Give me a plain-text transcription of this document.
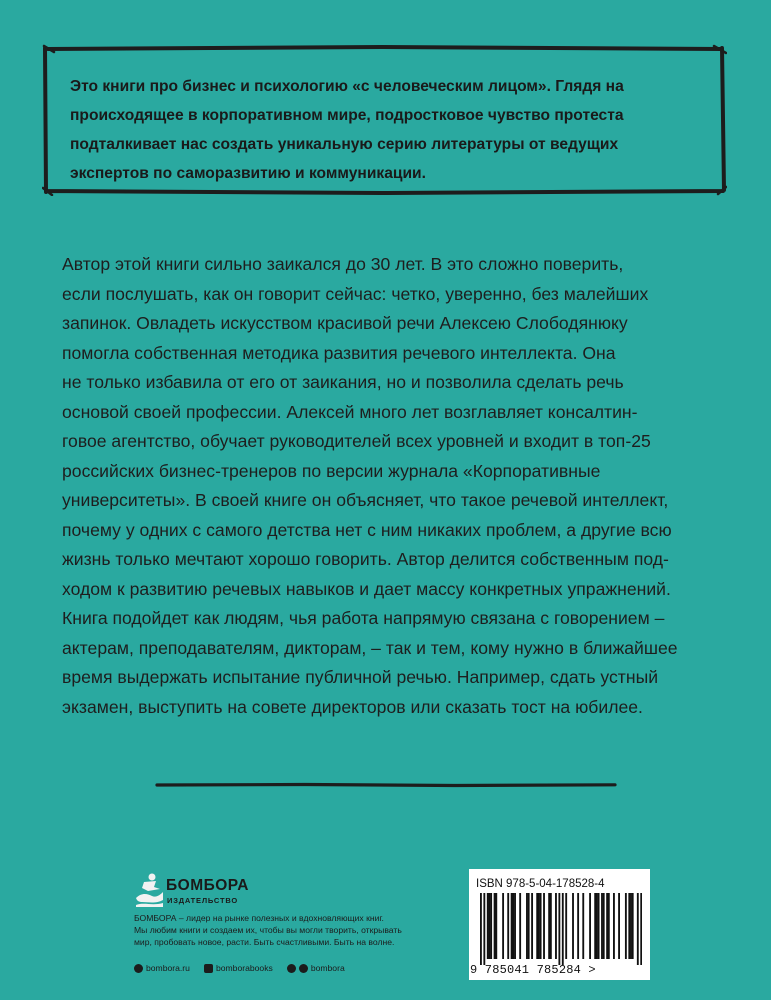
Это книги про бизнес и психологию «с человеческим лицом». Глядя на
происходящее в корпоративном мире, подростковое чувство протеста
подталкивает нас создать уникальную серию литературы от ведущих
экспертов по саморазвитию и коммуникации.

Автор этой книги сильно заикался до 30 лет. В это сложно поверить,

если послушать, как он говорит сейчас: четко, уверенно, без малейших

запинок. Овладеть искусством красивой речи Алексею Слободянюку

помогла собственная методика развития речевого интеллекта. Она

не только избавила от его от заикания, но и позволила сделать речь

основой своей профессии. Алексей много лет возглавляет консалтин-

говое агентство, обучает руководителей всех уровней и входит в топ-25

российских бизнес-тренеров по версии журнала «Корпоративные

университеты». В своей книге он объясняет, что такое речевой интеллект,

почему у одних с самого детства нет с ним никаких проблем, а другие всю

жизнь только мечтают хорошо говорить. Автор делится собственным под-

ходом к развитию речевых навыков и дает массу конкретных упражнений.

Книга подойдет как людям, чья работа напрямую связана с говорением –

актерам, преподавателям, дикторам, – так и тем, кому нужно в ближайшее

время выдержать испытание публичной речью. Например, сдать устный

экзамен, выступить на совете директоров или сказать тост на юбилее.

БОМБОРА
ИЗДАТЕЛЬСТВО
БОМБОРА – лидер на рынке полезных и вдохновляющих книг.
Мы любим книги и создаем их, чтобы вы могли творить, открывать
мир, пробовать новое, расти. Быть счастливыми. Быть на волне.
bombora.ru	bomborabooks	bombora
ISBN 978-5-04-178528-4
9 785041 785284 >
